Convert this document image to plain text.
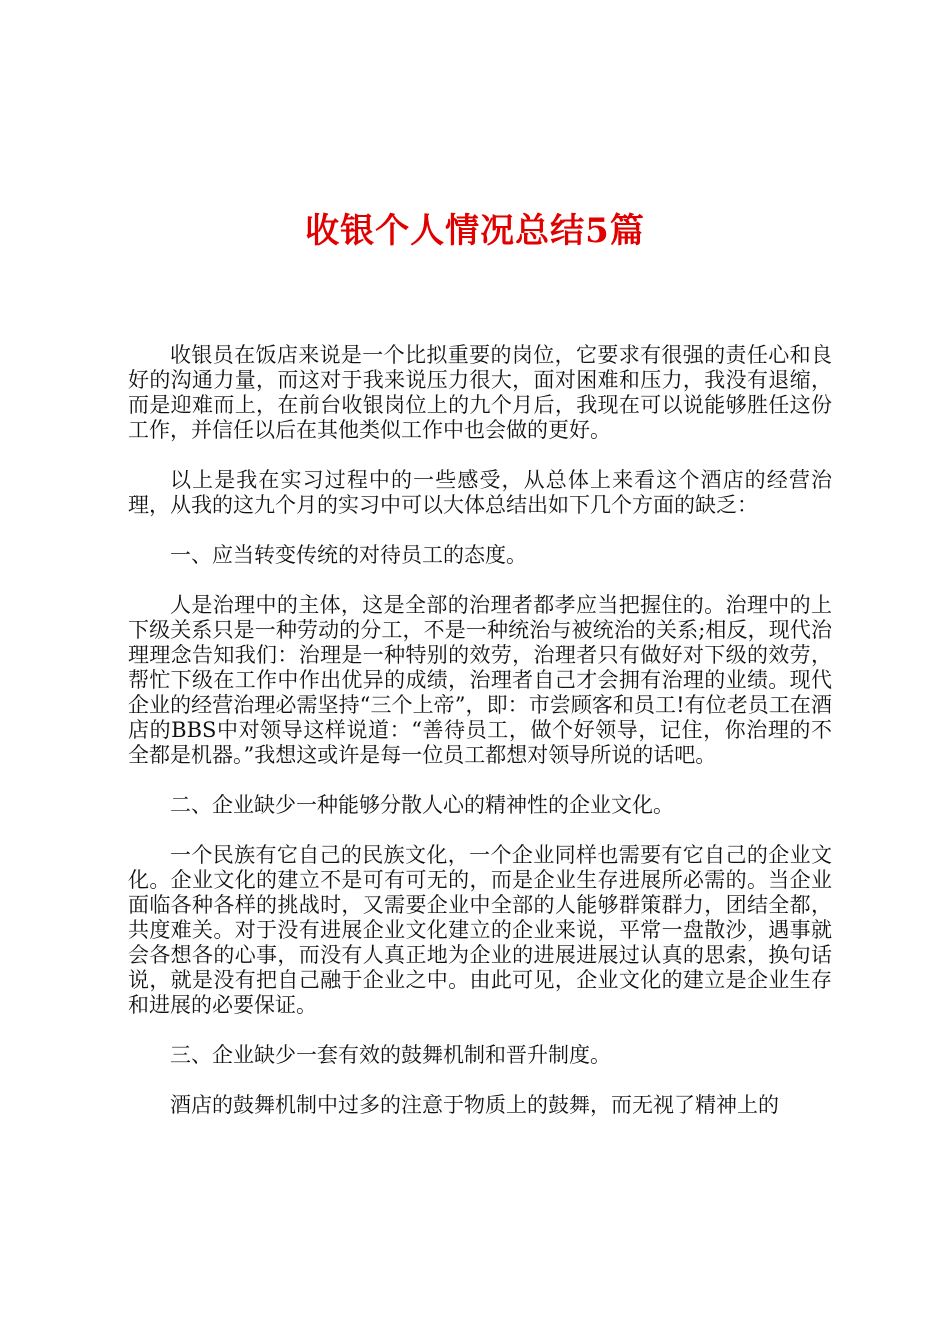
收银个人情况总结5篇

收银员在饭店来说是一个比拟重要的岗位，它要求有很强的责任心和良好的沟通力量，而这对于我来说压力很大，面对困难和压力，我没有退缩，而是迎难而上，在前台收银岗位上的九个月后，我现在可以说能够胜任这份工作，并信任以后在其他类似工作中也会做的更好。

以上是我在实习过程中的一些感受，从总体上来看这个酒店的经营治理，从我的这九个月的实习中可以大体总结出如下几个方面的缺乏：

一、应当转变传统的对待员工的态度。

人是治理中的主体，这是全部的治理者都孝应当把握住的。治理中的上下级关系只是一种劳动的分工，不是一种统治与被统治的关系;相反，现代治理理念告知我们：治理是一种特别的效劳，治理者只有做好对下级的效劳，帮忙下级在工作中作出优异的成绩，治理者自己才会拥有治理的业绩。现代企业的经营治理必需坚持“三个上帝”，即：市尝顾客和员工!有位老员工在酒店的BBS中对领导这样说道：“善待员工，做个好领导，记住，你治理的不全都是机器。”我想这或许是每一位员工都想对领导所说的话吧。

二、企业缺少一种能够分散人心的精神性的企业文化。

一个民族有它自己的民族文化，一个企业同样也需要有它自己的企业文化。企业文化的建立不是可有可无的，而是企业生存进展所必需的。当企业面临各种各样的挑战时，又需要企业中全部的人能够群策群力，团结全都，共度难关。对于没有进展企业文化建立的企业来说，平常一盘散沙，遇事就会各想各的心事，而没有人真正地为企业的进展进展过认真的思索，换句话说，就是没有把自己融于企业之中。由此可见，企业文化的建立是企业生存和进展的必要保证。

三、企业缺少一套有效的鼓舞机制和晋升制度。

酒店的鼓舞机制中过多的注意于物质上的鼓舞，而无视了精神上的
